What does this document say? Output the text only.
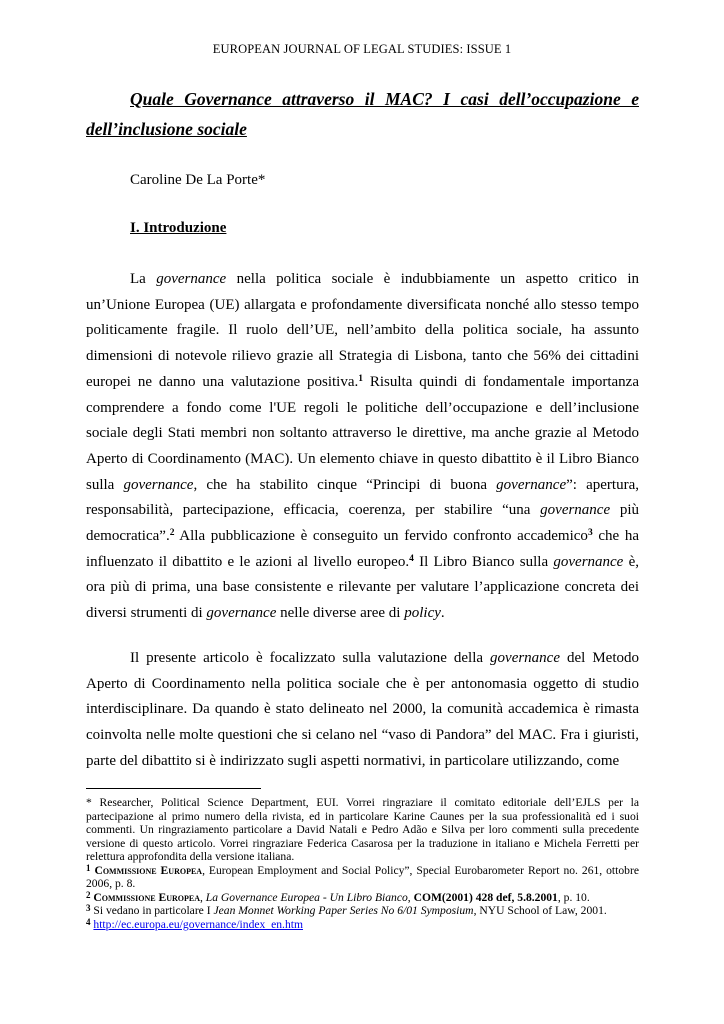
EUROPEAN JOURNAL OF LEGAL STUDIES: ISSUE 1
Quale Governance attraverso il MAC? I casi dell’occupazione e dell’inclusione sociale
Caroline De La Porte*
I. Introduzione

La governance nella politica sociale è indubbiamente un aspetto critico in un’Unione Europea (UE) allargata e profondamente diversificata nonché allo stesso tempo politicamente fragile. Il ruolo dell’UE, nell’ambito della politica sociale, ha assunto dimensioni di notevole rilievo grazie all Strategia di Lisbona, tanto che 56% dei cittadini europei ne danno una valutazione positiva.$^1$ Risulta quindi di fondamentale importanza comprendere a fondo come l'UE regoli le politiche dell’occupazione e dell’inclusione sociale degli Stati membri non soltanto attraverso le direttive, ma anche grazie al Metodo Aperto di Coordinamento (MAC). Un elemento chiave in questo dibattito è il Libro Bianco sulla governance, che ha stabilito cinque “Principi di buona governance”: apertura, responsabilità, partecipazione, efficacia, coerenza, per stabilire “una governance più democratica”.$^2$ Alla pubblicazione è conseguito un fervido confronto accademico$^3$ che ha influenzato il dibattito e le azioni al livello europeo.$^4$ Il Libro Bianco sulla governance è, ora più di prima, una base consistente e rilevante per valutare l’applicazione concreta dei diversi strumenti di governance nelle diverse aree di policy.

Il presente articolo è focalizzato sulla valutazione della governance del Metodo Aperto di Coordinamento nella politica sociale che è per antonomasia oggetto di studio interdisciplinare. Da quando è stato delineato nel 2000, la comunità accademica è rimasta coinvolta nelle molte questioni che si celano nel “vaso di Pandora” del MAC. Fra i giuristi, parte del dibattito si è indirizzato sugli aspetti normativi, in particolare utilizzando, come

* Researcher, Political Science Department, EUI. Vorrei ringraziare il comitato editoriale dell’EJLS per la partecipazione al primo numero della rivista, ed in particolare Karine Caunes per la sua professionalità ed i suoi commenti. Un ringraziamento particolare a David Natali e Pedro Adão e Silva per loro commenti sulla precedente versione di questo articolo. Vorrei ringraziare Federica Casarosa per la traduzione in italiano e Michela Ferretti per relettura approfondita della versione italiana.

$^1$ Commissione Europea, European Employment and Social Policy”, Special Eurobarometer Report no. 261, ottobre 2006, p. 8.

$^2$ Commissione Europea, La Governance Europea - Un Libro Bianco, COM(2001) 428 def, 5.8.2001, p. 10.

$^3$ Si vedano in particolare I Jean Monnet Working Paper Series No 6/01 Symposium, NYU School of Law, 2001.

$^4$ http://ec.europa.eu/governance/index_en.htm
